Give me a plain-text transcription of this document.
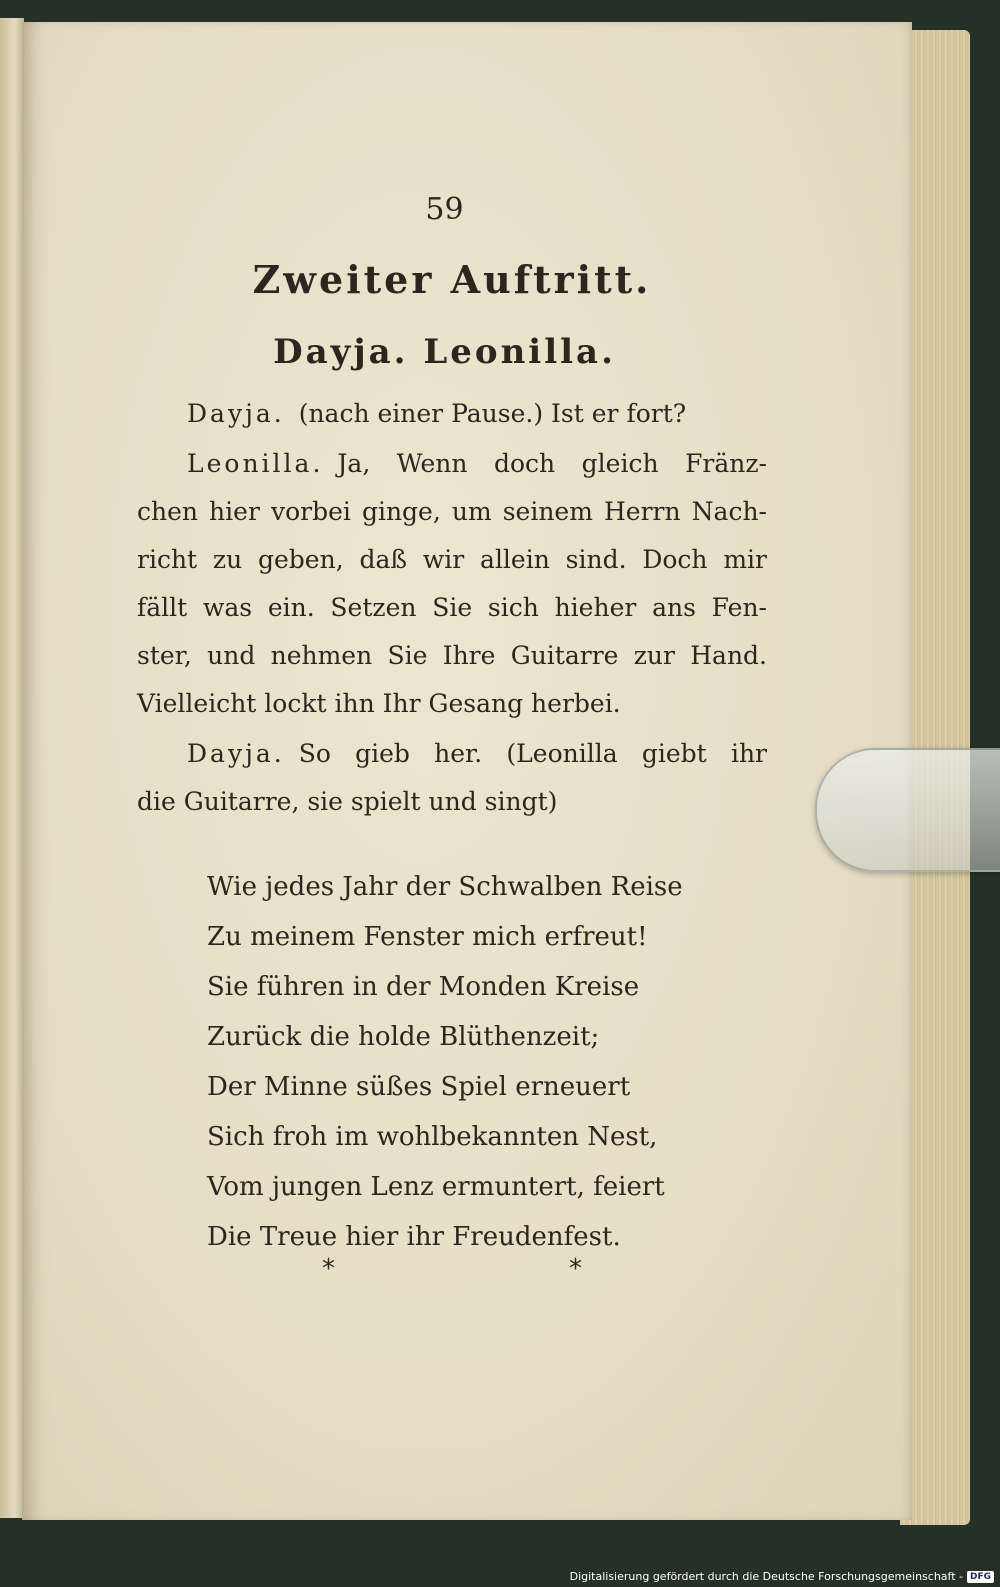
59
Zweiter Auftritt.
Dayja. Leonilla.
Dayja. (nach einer Pause.) Ist er fort?
Leonilla. Ja, Wenn doch gleich Fränz-
chen hier vorbei ginge, um seinem Herrn Nach-
richt zu geben, daß wir allein sind. Doch mir
fällt was ein. Setzen Sie sich hieher ans Fen-
ster, und nehmen Sie Ihre Guitarre zur Hand.
Vielleicht lockt ihn Ihr Gesang herbei.
Dayja. So gieb her. (Leonilla giebt ihr
die Guitarre, sie spielt und singt)
Wie jedes Jahr der Schwalben Reise
Zu meinem Fenster mich erfreut!
Sie führen in der Monden Kreise
Zurück die holde Blüthenzeit;
Der Minne süßes Spiel erneuert
Sich froh im wohlbekannten Nest,
Vom jungen Lenz ermuntert, feiert
Die Treue hier ihr Freudenfest.
*	*
Digitalisierung gefördert durch die Deutsche Forschungsgemeinschaft - DFG
